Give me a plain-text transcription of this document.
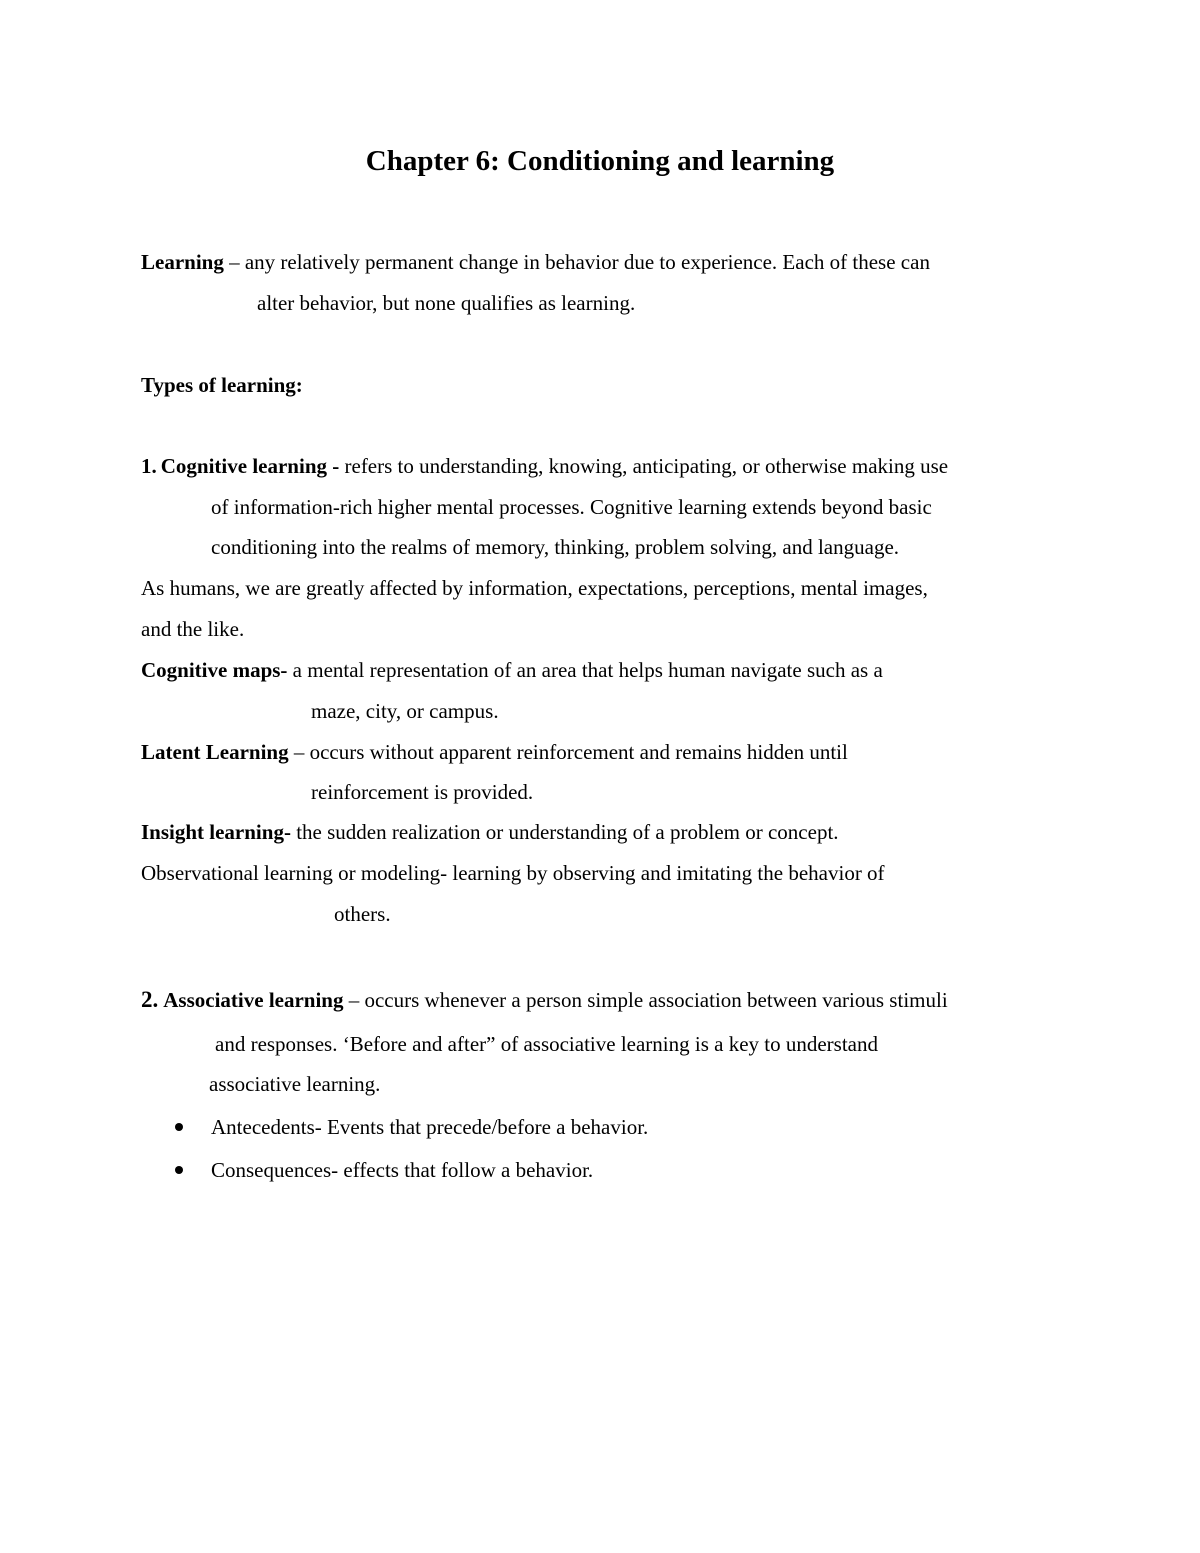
Chapter 6: Conditioning and learning
Learning – any relatively permanent change in behavior due to experience. Each of these can
alter behavior, but none qualifies as learning.
Types of learning:
1. Cognitive learning - refers to understanding, knowing, anticipating, or otherwise making use
of information-rich higher mental processes. Cognitive learning extends beyond basic
conditioning into the realms of memory, thinking, problem solving, and language.
As humans, we are greatly affected by information, expectations, perceptions, mental images,
and the like.
Cognitive maps- a mental representation of an area that helps human navigate such as a
maze, city, or campus.
Latent Learning – occurs without apparent reinforcement and remains hidden until
reinforcement is provided.
Insight learning- the sudden realization or understanding of a problem or concept.
Observational learning or modeling- learning by observing and imitating the behavior of
others.
2. Associative learning – occurs whenever a person simple association between various stimuli
and responses. ‘Before and after” of associative learning is a key to understand
associative learning.
Antecedents- Events that precede/before a behavior.
Consequences- effects that follow a behavior.
